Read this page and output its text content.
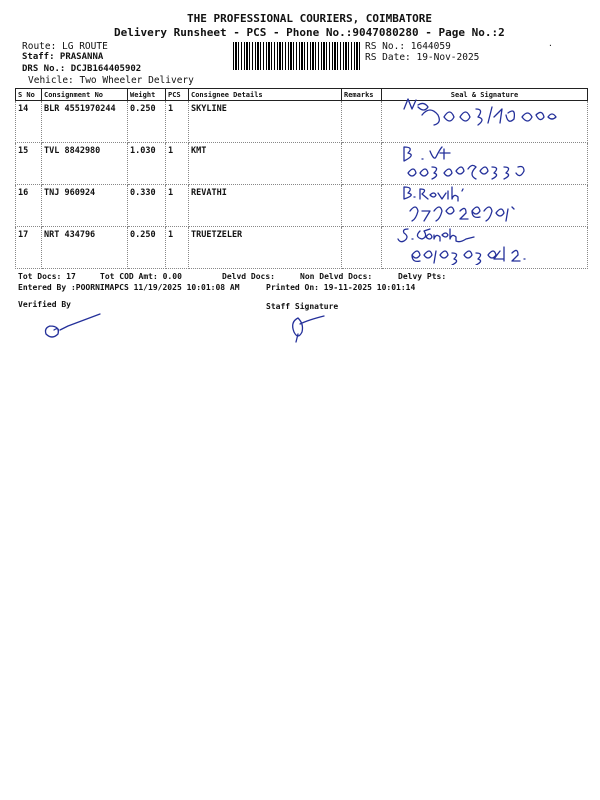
THE PROFESSIONAL COURIERS, COIMBATORE
Delivery Runsheet - PCS - Phone No.:9047080280 - Page No.:2
Route: LG ROUTE
Staff: PRASANNA
DRS No.: DCJB164405902
Vehicle: Two Wheeler Delivery
RS No.: 1644059
RS Date: 19-Nov-2025
·
S No	Consignment No	Weight	PCS	Consignee Details	Remarks	Seal & Signature
14	BLR 4551970244	0.250	1	SKYLINE		

15	TVL 8842980	1.030	1	KMT		

16	TNJ 960924	0.330	1	REVATHI		

17	NRT 434796	0.250	1	TRUETZELER		
Tot Docs: 17	Tot COD Amt: 0.00	Delvd Docs:	Non Delvd Docs:	Delvy Pts:
Entered By :POORNIMAPCS 11/19/2025 10:01:08 AM	Printed On: 19-11-2025 10:01:14
Verified By	Staff Signature
